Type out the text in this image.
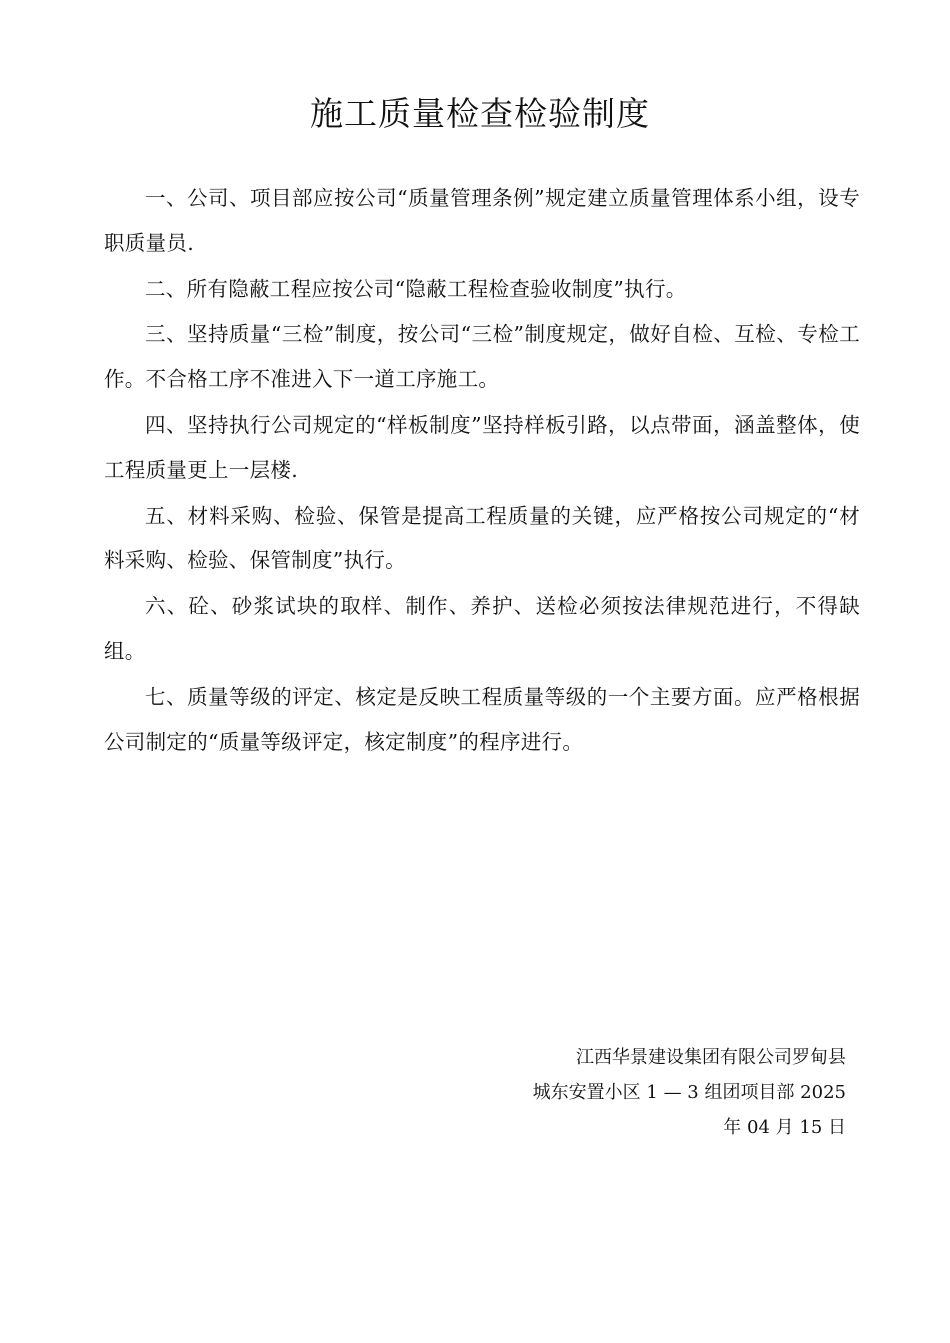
施工质量检查检验制度

一、公司、项目部应按公司“质量管理条例”规定建立质量管理体系小组，设专职质量员.

二、所有隐蔽工程应按公司“隐蔽工程检查验收制度”执行。

三、坚持质量“三检”制度，按公司“三检”制度规定，做好自检、互检、专检工作。不合格工序不准进入下一道工序施工。

四、坚持执行公司规定的“样板制度”坚持样板引路，以点带面，涵盖整体，使工程质量更上一层楼.

五、材料采购、检验、保管是提高工程质量的关键，应严格按公司规定的“材料采购、检验、保管制度”执行。

六、砼、砂浆试块的取样、制作、养护、送检必须按法律规范进行，不得缺组。

七、质量等级的评定、核定是反映工程质量等级的一个主要方面。应严格根据公司制定的“质量等级评定，核定制度”的程序进行。

江西华景建设集团有限公司罗甸县
城东安置小区 1 — 3 组团项目部 2025
年 04 月 15 日
